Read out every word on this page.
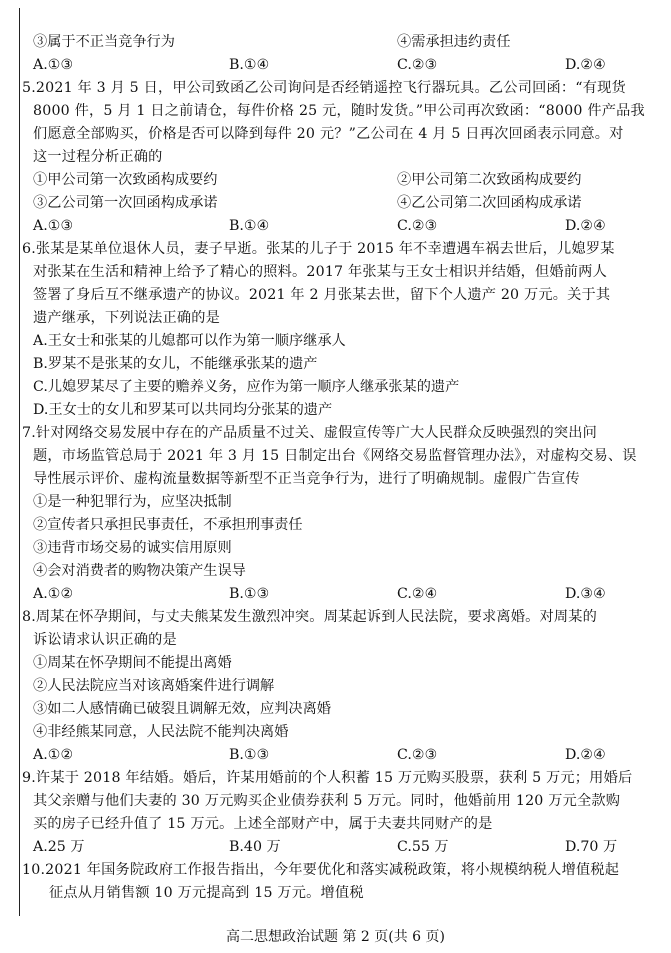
③属于不正当竞争行为	④需承担违约责任
A.①③	B.①④	C.②③	D.②④
5.2021 年 3 月 5 日，甲公司致函乙公司询问是否经销遥控飞行器玩具。乙公司回函：“有现货
8000 件，5 月 1 日之前请仓，每件价格 25 元，随时发货。”甲公司再次致函：“8000 件产品我
们愿意全部购买，价格是否可以降到每件 20 元？”乙公司在 4 月 5 日再次回函表示同意。对
这一过程分析正确的
①甲公司第一次致函构成要约	②甲公司第二次致函构成要约
③乙公司第一次回函构成承诺	④乙公司第二次回函构成承诺
A.①③	B.①④	C.②③	D.②④
6.张某是某单位退休人员，妻子早逝。张某的儿子于 2015 年不幸遭遇车祸去世后，儿媳罗某
对张某在生活和精神上给予了精心的照料。2017 年张某与王女士相识并结婚，但婚前两人
签署了身后互不继承遗产的协议。2021 年 2 月张某去世，留下个人遗产 20 万元。关于其
遗产继承，下列说法正确的是
A.王女士和张某的儿媳都可以作为第一顺序继承人
B.罗某不是张某的女儿，不能继承张某的遗产
C.儿媳罗某尽了主要的赡养义务，应作为第一顺序人继承张某的遗产
D.王女士的女儿和罗某可以共同均分张某的遗产
7.针对网络交易发展中存在的产品质量不过关、虚假宣传等广大人民群众反映强烈的突出问
题，市场监管总局于 2021 年 3 月 15 日制定出台《网络交易监督管理办法》，对虚构交易、误
导性展示评价、虚构流量数据等新型不正当竞争行为，进行了明确规制。虚假广告宣传
①是一种犯罪行为，应坚决抵制
②宣传者只承担民事责任，不承担刑事责任
③违背市场交易的诚实信用原则
④会对消费者的购物决策产生误导
A.①②	B.①③	C.②④	D.③④
8.周某在怀孕期间，与丈夫熊某发生激烈冲突。周某起诉到人民法院，要求离婚。对周某的
诉讼请求认识正确的是
①周某在怀孕期间不能提出离婚
②人民法院应当对该离婚案件进行调解
③如二人感情确已破裂且调解无效，应判决离婚
④非经熊某同意，人民法院不能判决离婚
A.①②	B.①③	C.②③	D.②④
9.许某于 2018 年结婚。婚后，许某用婚前的个人积蓄 15 万元购买股票，获利 5 万元；用婚后
其父亲赠与他们夫妻的 30 万元购买企业债券获利 5 万元。同时，他婚前用 120 万元全款购
买的房子已经升值了 15 万元。上述全部财产中，属于夫妻共同财产的是
A.25 万	B.40 万	C.55 万	D.70 万
10.2021 年国务院政府工作报告指出，今年要优化和落实减税政策，将小规模纳税人增值税起
征点从月销售额 10 万元提高到 15 万元。增值税
高二思想政治试题 第 2 页(共 6 页)
